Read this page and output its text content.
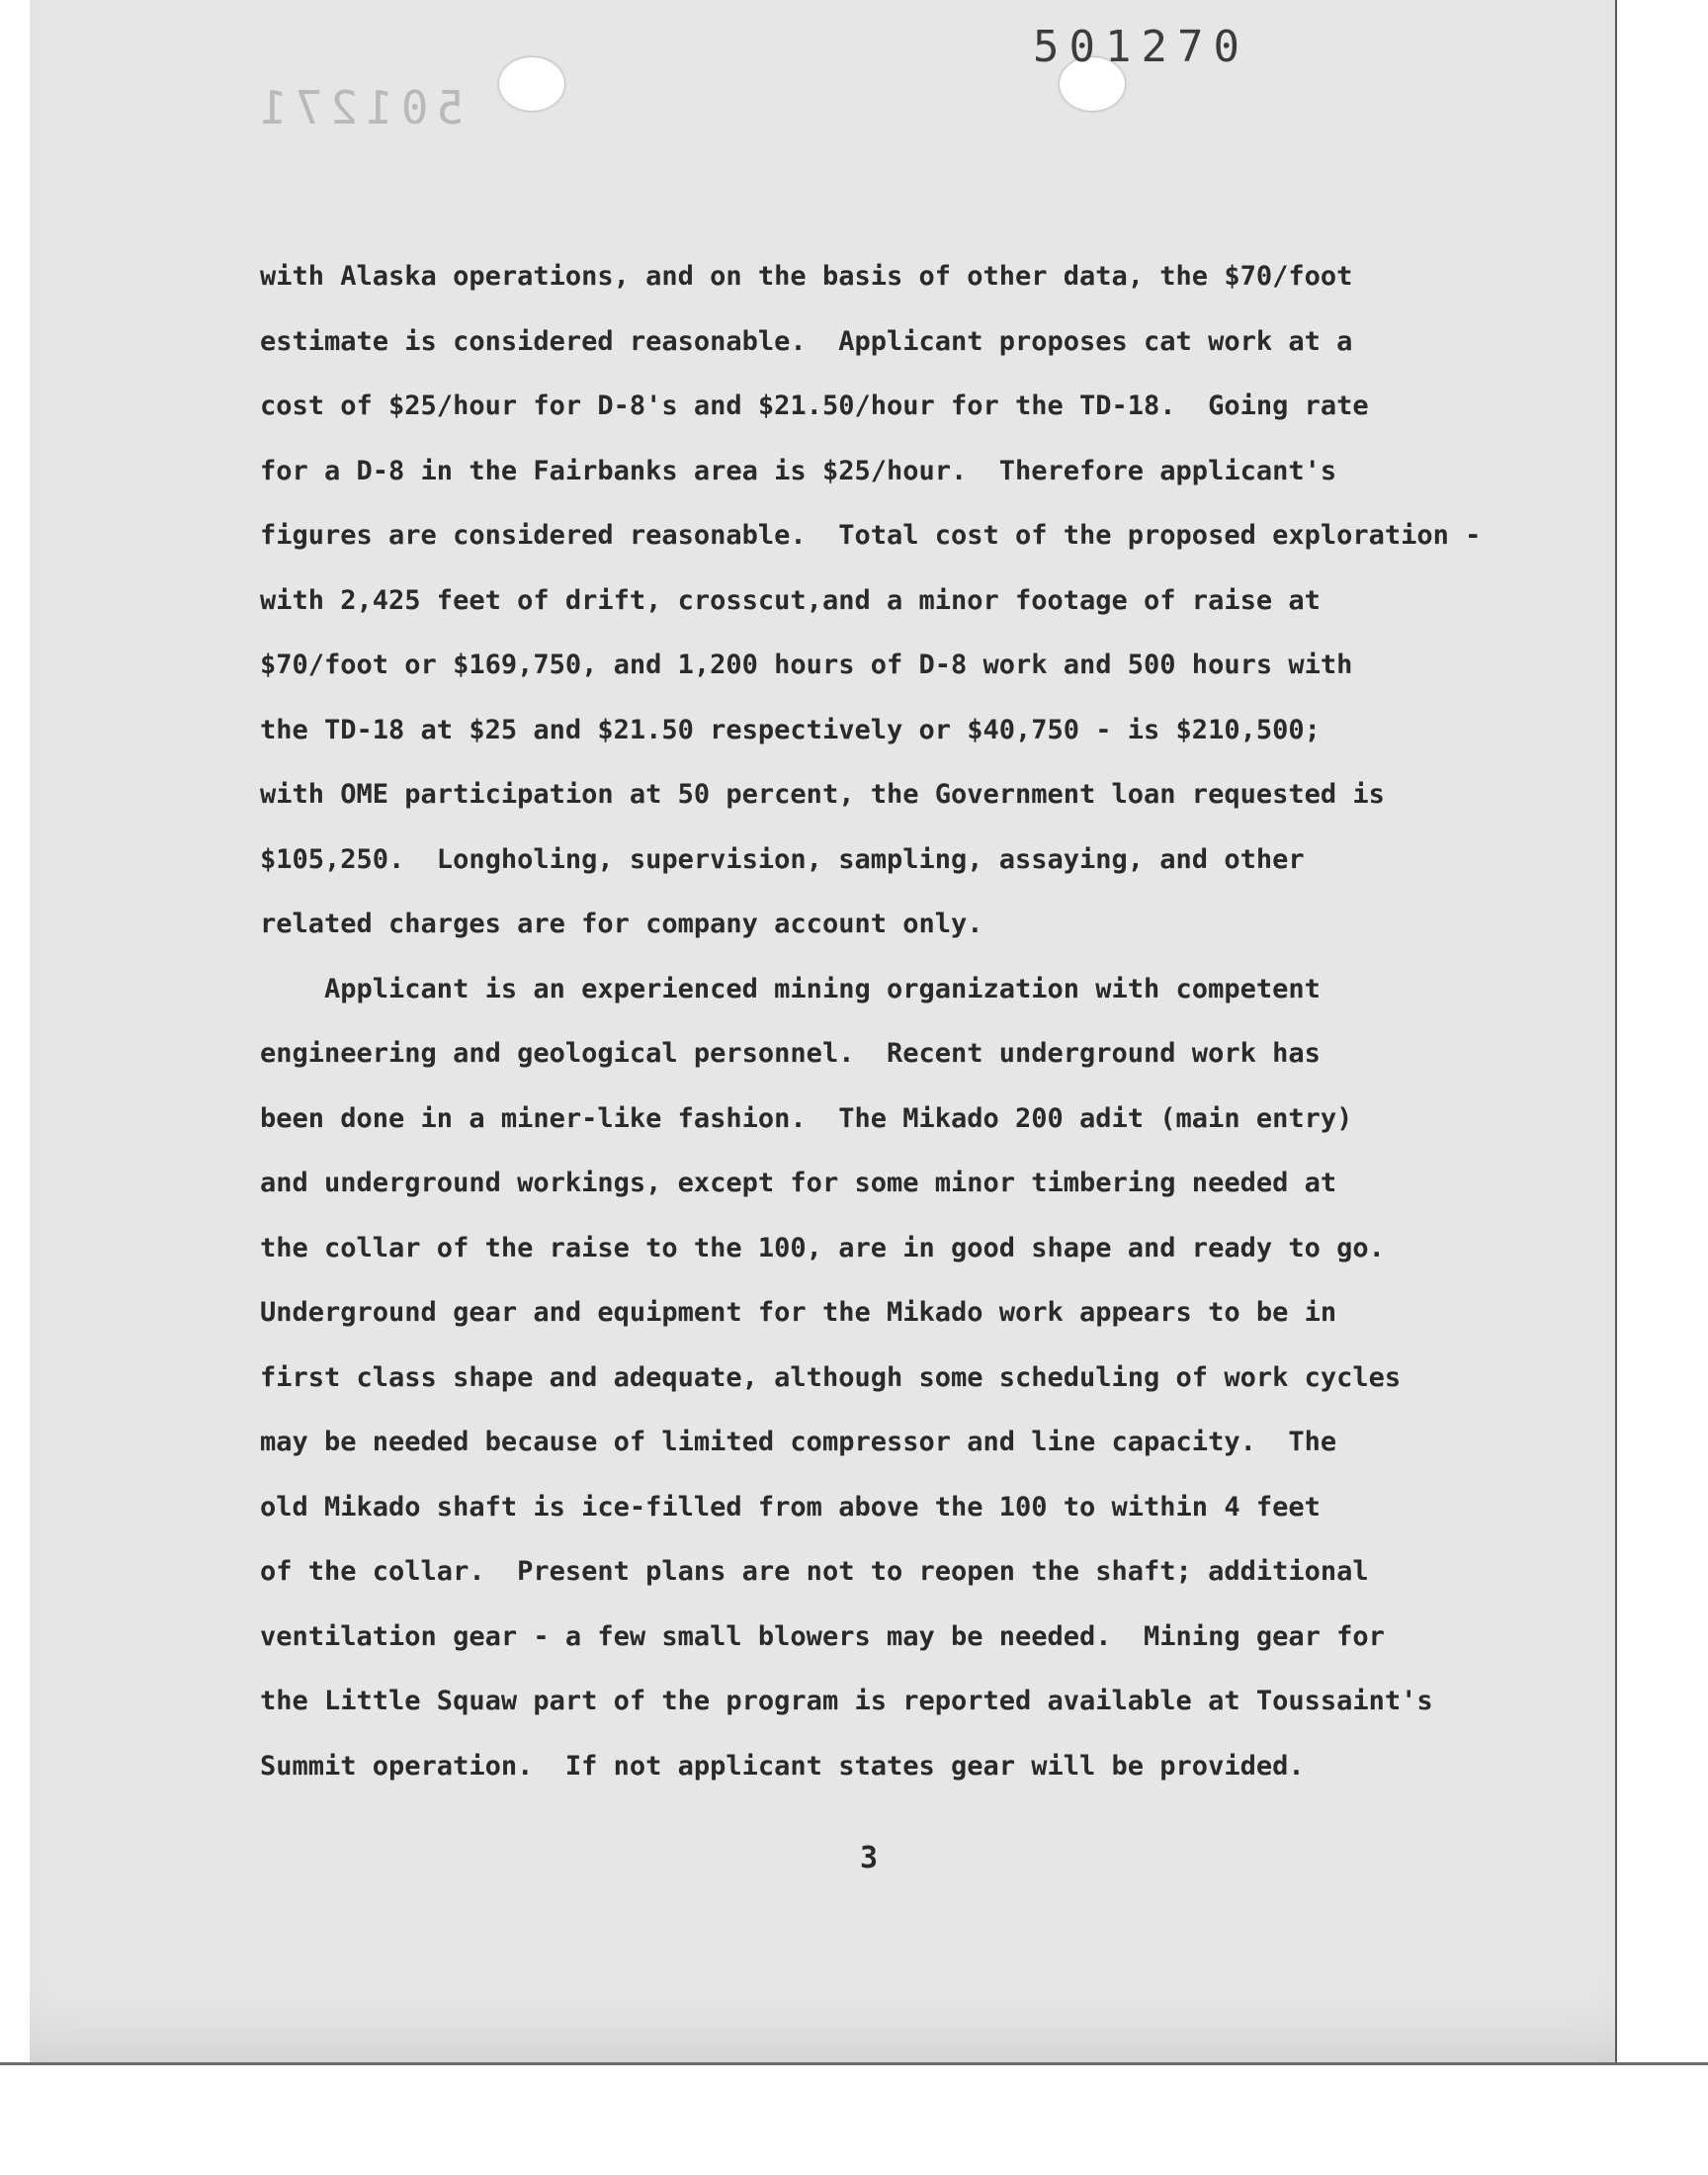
501270
501271
with Alaska operations, and on the basis of other data, the $70/foot
estimate is considered reasonable.  Applicant proposes cat work at a
cost of $25/hour for D-8's and $21.50/hour for the TD-18.  Going rate
for a D-8 in the Fairbanks area is $25/hour.  Therefore applicant's
figures are considered reasonable.  Total cost of the proposed exploration -
with 2,425 feet of drift, crosscut,and a minor footage of raise at
$70/foot or $169,750, and 1,200 hours of D-8 work and 500 hours with
the TD-18 at $25 and $21.50 respectively or $40,750 - is $210,500;
with OME participation at 50 percent, the Government loan requested is
$105,250.  Longholing, supervision, sampling, assaying, and other
related charges are for company account only.
Applicant is an experienced mining organization with competent
engineering and geological personnel.  Recent underground work has
been done in a miner-like fashion.  The Mikado 200 adit (main entry)
and underground workings, except for some minor timbering needed at
the collar of the raise to the 100, are in good shape and ready to go.
Underground gear and equipment for the Mikado work appears to be in
first class shape and adequate, although some scheduling of work cycles
may be needed because of limited compressor and line capacity.  The
old Mikado shaft is ice-filled from above the 100 to within 4 feet
of the collar.  Present plans are not to reopen the shaft; additional
ventilation gear - a few small blowers may be needed.  Mining gear for
the Little Squaw part of the program is reported available at Toussaint's
Summit operation.  If not applicant states gear will be provided.
3
